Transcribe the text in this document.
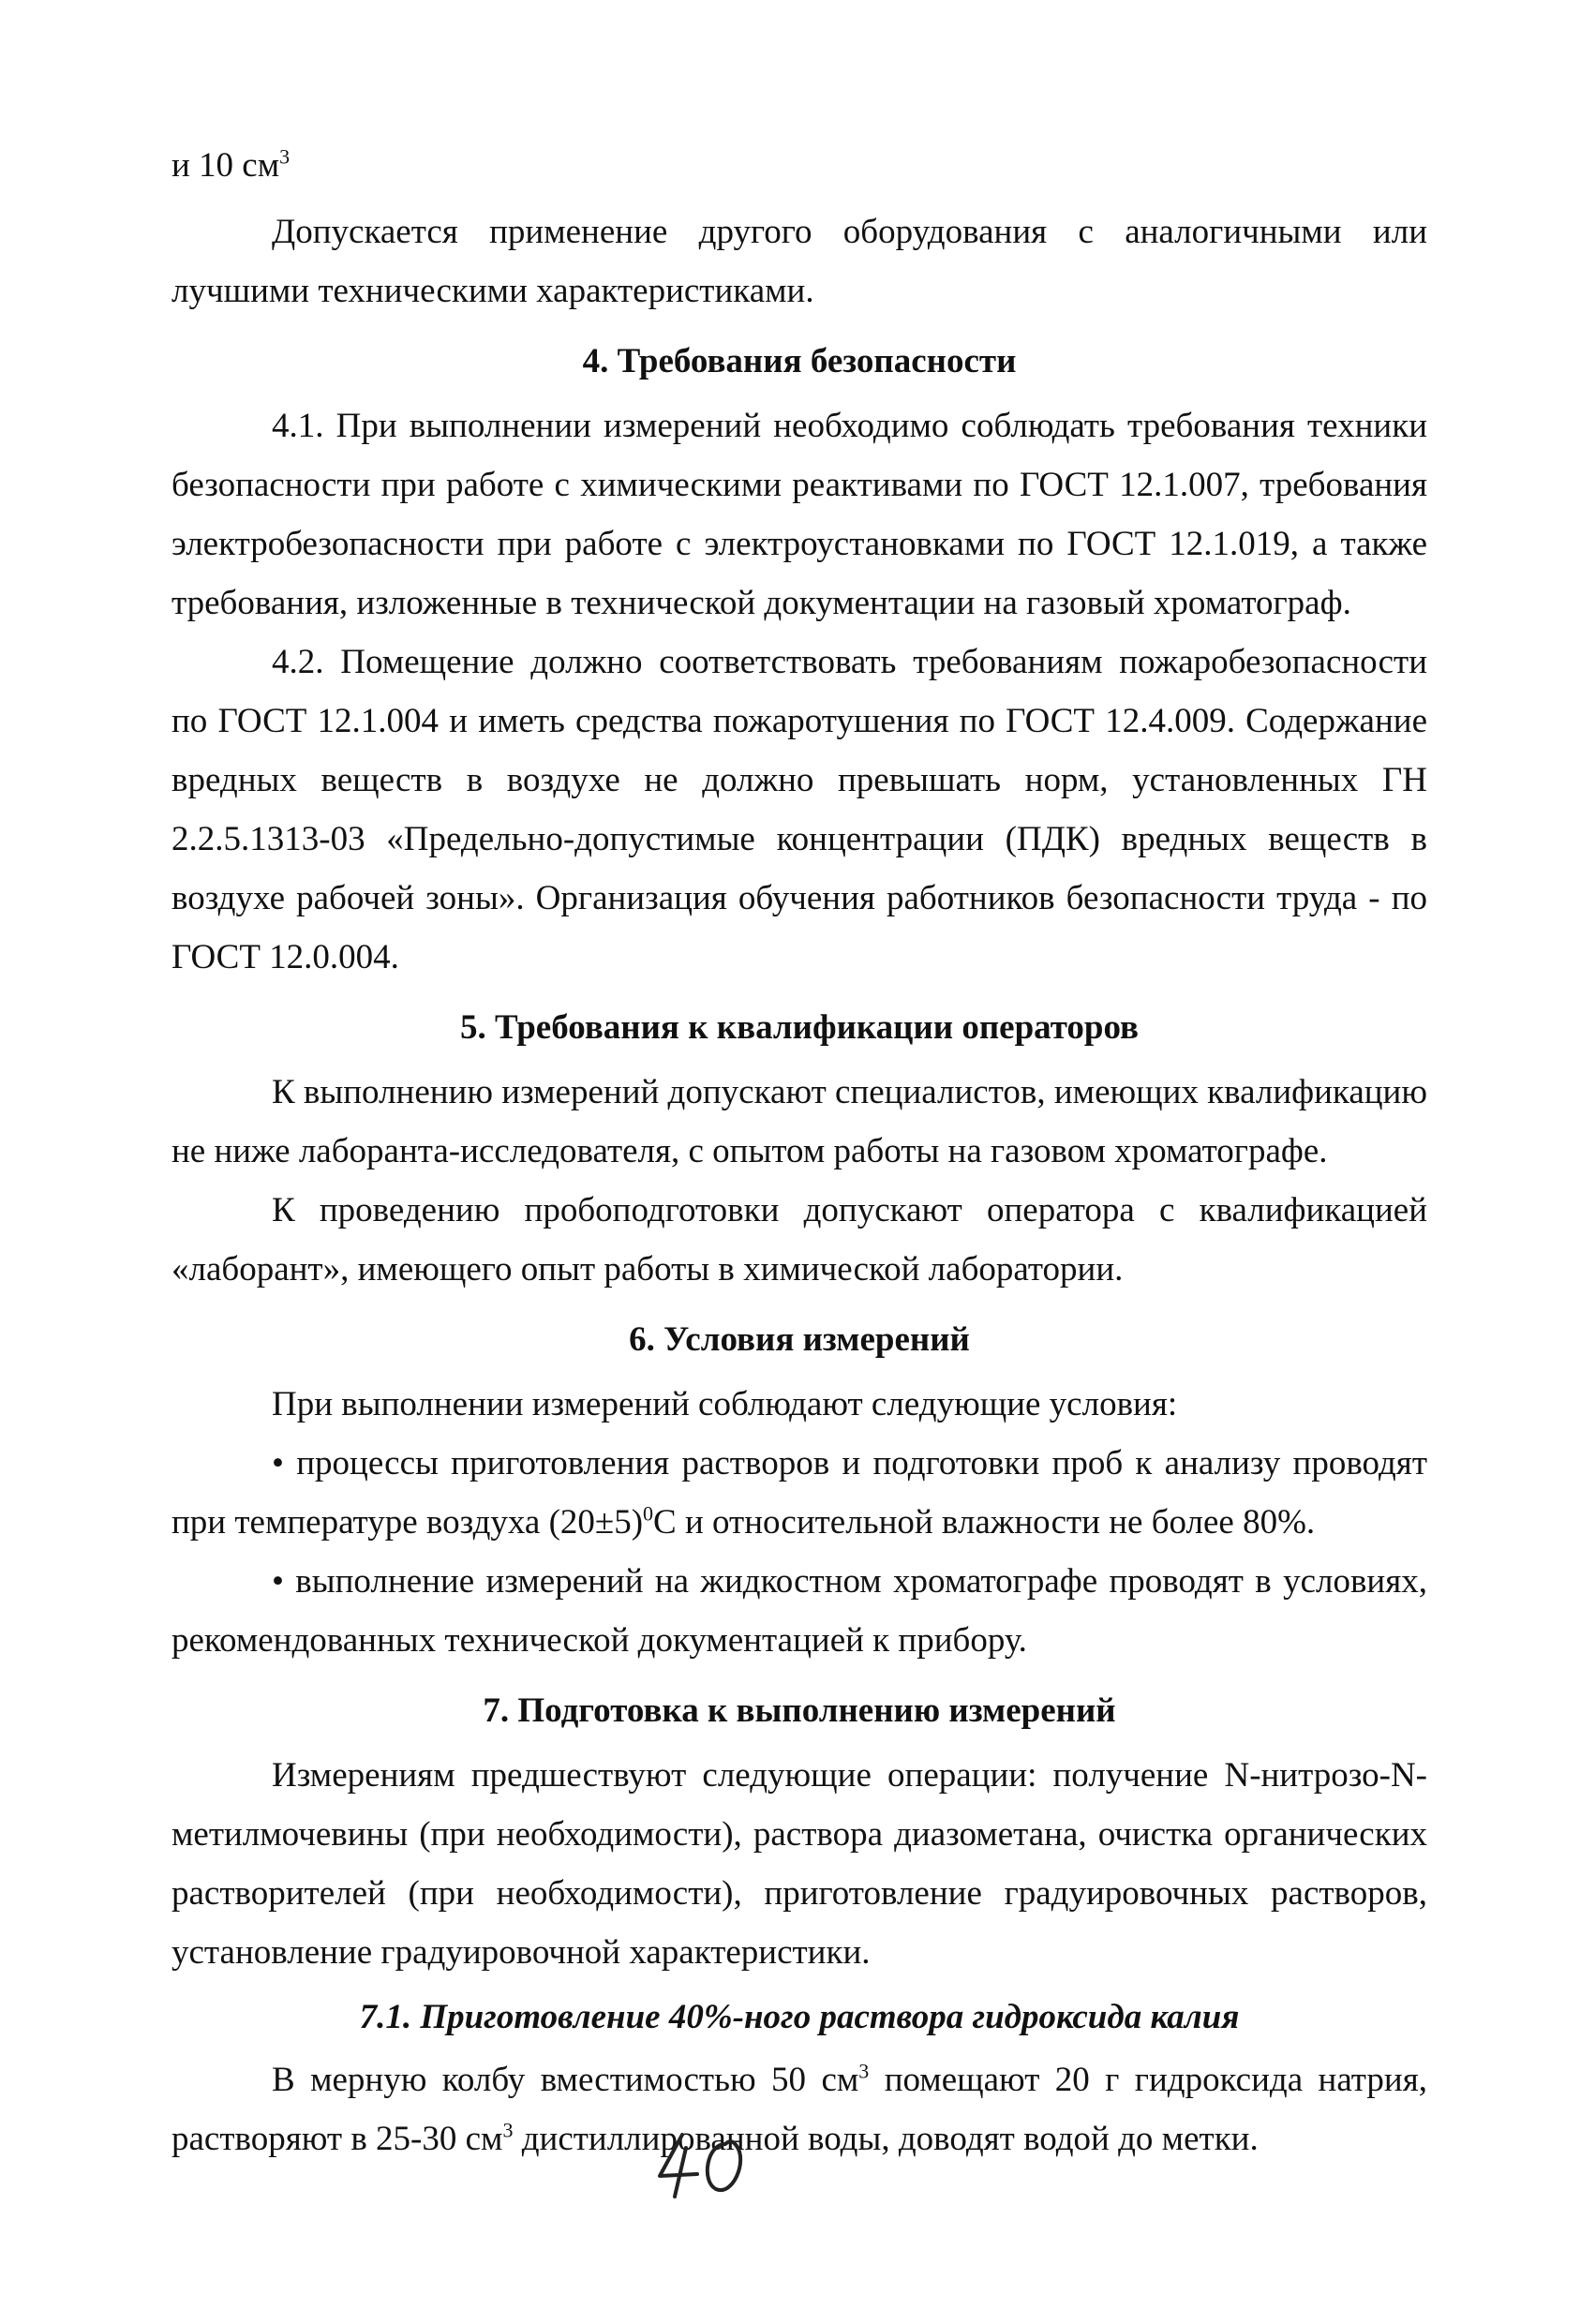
и 10 $см^3$

Допускается применение другого оборудования с аналогичными или лучшими техническими характеристиками.

4. Требования безопасности

4.1. При выполнении измерений необходимо соблюдать требования техники безопасности при работе с химическими реактивами по ГОСТ 12.1.007, требования электробезопасности при работе с электроустановками по ГОСТ 12.1.019, а также требования, изложенные в технической документации на газовый хроматограф.

4.2. Помещение должно соответствовать требованиям пожаробезопасности по ГОСТ 12.1.004 и иметь средства пожаротушения по ГОСТ 12.4.009. Содержание вредных веществ в воздухе не должно превышать норм, установленных ГН 2.2.5.1313-03 «Предельно-допустимые концентрации (ПДК) вредных веществ в воздухе рабочей зоны». Организация обучения работников безопасности труда - по ГОСТ 12.0.004.

5. Требования к квалификации операторов

К выполнению измерений допускают специалистов, имеющих квалификацию не ниже лаборанта-исследователя, с опытом работы на газовом хроматографе.

К проведению пробоподготовки допускают оператора с квалификацией «лаборант», имеющего опыт работы в химической лаборатории.

6. Условия измерений

При выполнении измерений соблюдают следующие условия:

• процессы приготовления растворов и подготовки проб к анализу проводят при температуре воздуха $(20\pm 5)^0С$ и относительной влажности не более 80%.

• выполнение измерений на жидкостном хроматографе проводят в условиях, рекомендованных технической документацией к прибору.

7. Подготовка к выполнению измерений

Измерениям предшествуют следующие операции: получение N-нитрозо-N-метилмочевины (при необходимости), раствора диазометана, очистка органических растворителей (при необходимости), приготовление градуировочных растворов, установление градуировочной характеристики.

7.1. Приготовление 40%-ного раствора гидроксида калия

В мерную колбу вместимостью 50 $см^3$ помещают 20 г гидроксида натрия, растворяют в 25-30 $см^3$ дистиллированной воды, доводят водой до метки.
